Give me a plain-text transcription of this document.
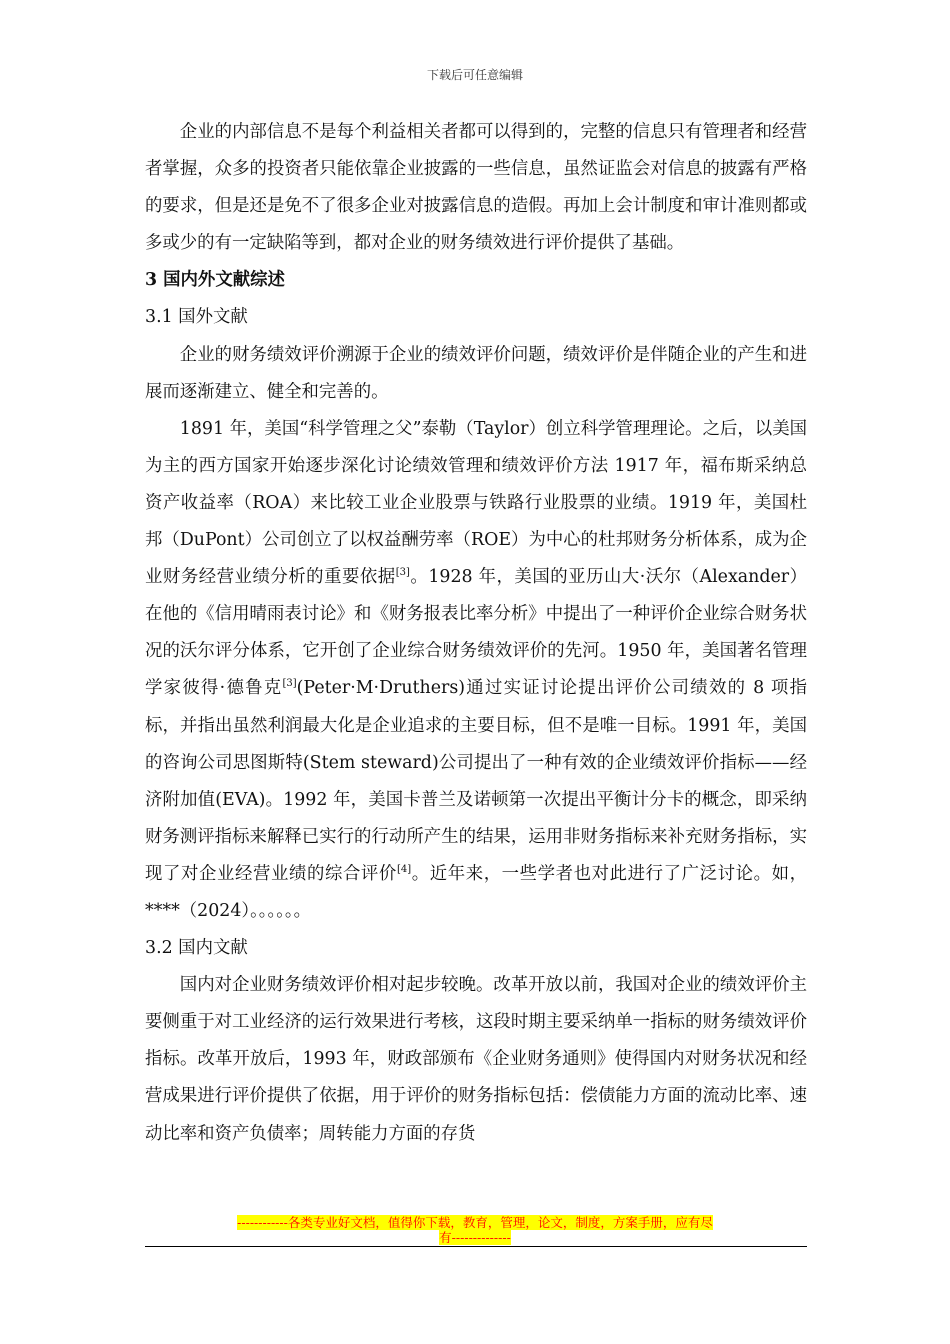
下载后可任意编辑

企业的内部信息不是每个利益相关者都可以得到的，完整的信息只有管理者和经营者掌握，众多的投资者只能依靠企业披露的一些信息，虽然证监会对信息的披露有严格的要求，但是还是免不了很多企业对披露信息的造假。再加上会计制度和审计准则都或多或少的有一定缺陷等到，都对企业的财务绩效进行评价提供了基础。

3 国内外文献综述

3.1 国外文献

企业的财务绩效评价溯源于企业的绩效评价问题，绩效评价是伴随企业的产生和进展而逐渐建立、健全和完善的。

1891 年，美国“科学管理之父”泰勒（Taylor）创立科学管理理论。之后，以美国为主的西方国家开始逐步深化讨论绩效管理和绩效评价方法 1917 年，福布斯采纳总资产收益率（ROA）来比较工业企业股票与铁路行业股票的业绩。1919 年，美国杜邦（DuPont）公司创立了以权益酬劳率（ROE）为中心的杜邦财务分析体系，成为企业财务经营业绩分析的重要依据[3]。1928 年，美国的亚历山大·沃尔（Alexander）在他的《信用晴雨表讨论》和《财务报表比率分析》中提出了一种评价企业综合财务状况的沃尔评分体系，它开创了企业综合财务绩效评价的先河。1950 年，美国著名管理学家彼得·德鲁克[3](Peter·M·Druthers)通过实证讨论提出评价公司绩效的 8 项指标，并指出虽然利润最大化是企业追求的主要目标，但不是唯一目标。1991 年，美国的咨询公司思图斯特(Stem steward)公司提出了一种有效的企业绩效评价指标——经济附加值(EVA)。1992 年，美国卡普兰及诺顿第一次提出平衡计分卡的概念，即采纳财务测评指标来解释已实行的行动所产生的结果，运用非财务指标来补充财务指标，实现了对企业经营业绩的综合评价[4]。近年来，一些学者也对此进行了广泛讨论。如，****（2024）。。。。。。

3.2 国内文献

国内对企业财务绩效评价相对起步较晚。改革开放以前，我国对企业的绩效评价主要侧重于对工业经济的运行效果进行考核，这段时期主要采纳单一指标的财务绩效评价指标。改革开放后，1993 年，财政部颁布《企业财务通则》使得国内对财务状况和经营成果进行评价提供了依据，用于评价的财务指标包括：偿债能力方面的流动比率、速动比率和资产负债率；周转能力方面的存货

------------各类专业好文档，值得你下载，教育，管理，论文，制度，方案手册，应有尽
有--------------
